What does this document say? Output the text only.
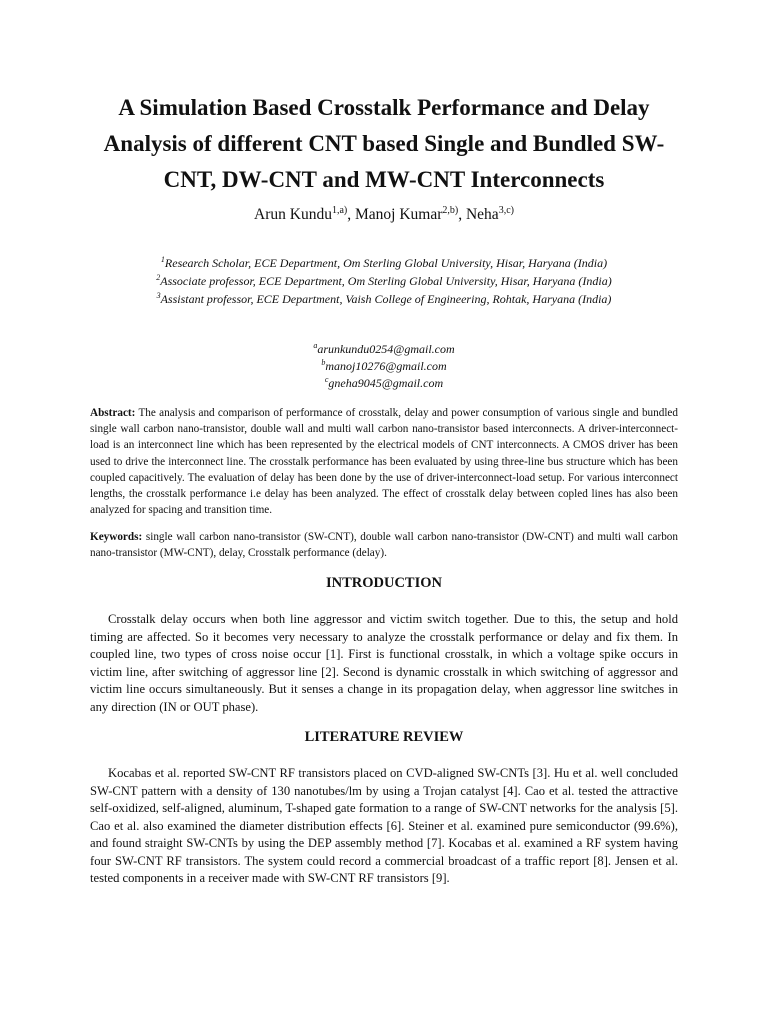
A Simulation Based Crosstalk Performance and Delay Analysis of different CNT based Single and Bundled SW-CNT, DW-CNT and MW-CNT Interconnects
Arun Kundu$^{1,a)}$, Manoj Kumar$^{2,b)}$, Neha$^{3,c)}$
$^1$Research Scholar, ECE Department, Om Sterling Global University, Hisar, Haryana (India)
$^2$Associate professor, ECE Department, Om Sterling Global University, Hisar, Haryana (India)
$^3$Assistant professor, ECE Department, Vaish College of Engineering, Rohtak, Haryana (India)
$^a$arunkundu0254@gmail.com
$^b$manoj10276@gmail.com
$^c$gneha9045@gmail.com

Abstract: The analysis and comparison of performance of crosstalk, delay and power consumption of various single and bundled single wall carbon nano-transistor, double wall and multi wall carbon nano-transistor based interconnects. A driver-interconnect-load is an interconnect line which has been represented by the electrical models of CNT interconnects. A CMOS driver has been used to drive the interconnect line. The crosstalk performance has been evaluated by using three-line bus structure which has been coupled capacitively. The evaluation of delay has been done by the use of driver-interconnect-load setup. For various interconnect lengths, the crosstalk performance i.e delay has been analyzed. The effect of crosstalk delay between copled lines has also been analyzed for spacing and transition time.

Keywords: single wall carbon nano-transistor (SW-CNT), double wall carbon nano-transistor (DW-CNT) and multi wall carbon nano-transistor (MW-CNT), delay, Crosstalk performance (delay).

INTRODUCTION

Crosstalk delay occurs when both line aggressor and victim switch together. Due to this, the setup and hold timing are affected. So it becomes very necessary to analyze the crosstalk performance or delay and fix them. In coupled line, two types of cross noise occur [1]. First is functional crosstalk, in which a voltage spike occurs in victim line, after switching of aggressor line [2]. Second is dynamic crosstalk in which switching of aggressor and victim line occurs simultaneously. But it senses a change in its propagation delay, when aggressor line switches in any direction (IN or OUT phase).

LITERATURE REVIEW

Kocabas et al. reported SW-CNT RF transistors placed on CVD-aligned SW-CNTs [3]. Hu et al. well concluded SW-CNT pattern with a density of 130 nanotubes/lm by using a Trojan catalyst [4]. Cao et al. tested the attractive self-oxidized, self-aligned, aluminum, T-shaped gate formation to a range of SW-CNT networks for the analysis [5]. Cao et al. also examined the diameter distribution effects [6]. Steiner et al. examined pure semiconductor (99.6%), and found straight SW-CNTs by using the DEP assembly method [7]. Kocabas et al. examined a RF system having four SW-CNT RF transistors. The system could record a commercial broadcast of a traffic report [8]. Jensen et al. tested components in a receiver made with SW-CNT RF transistors [9].
